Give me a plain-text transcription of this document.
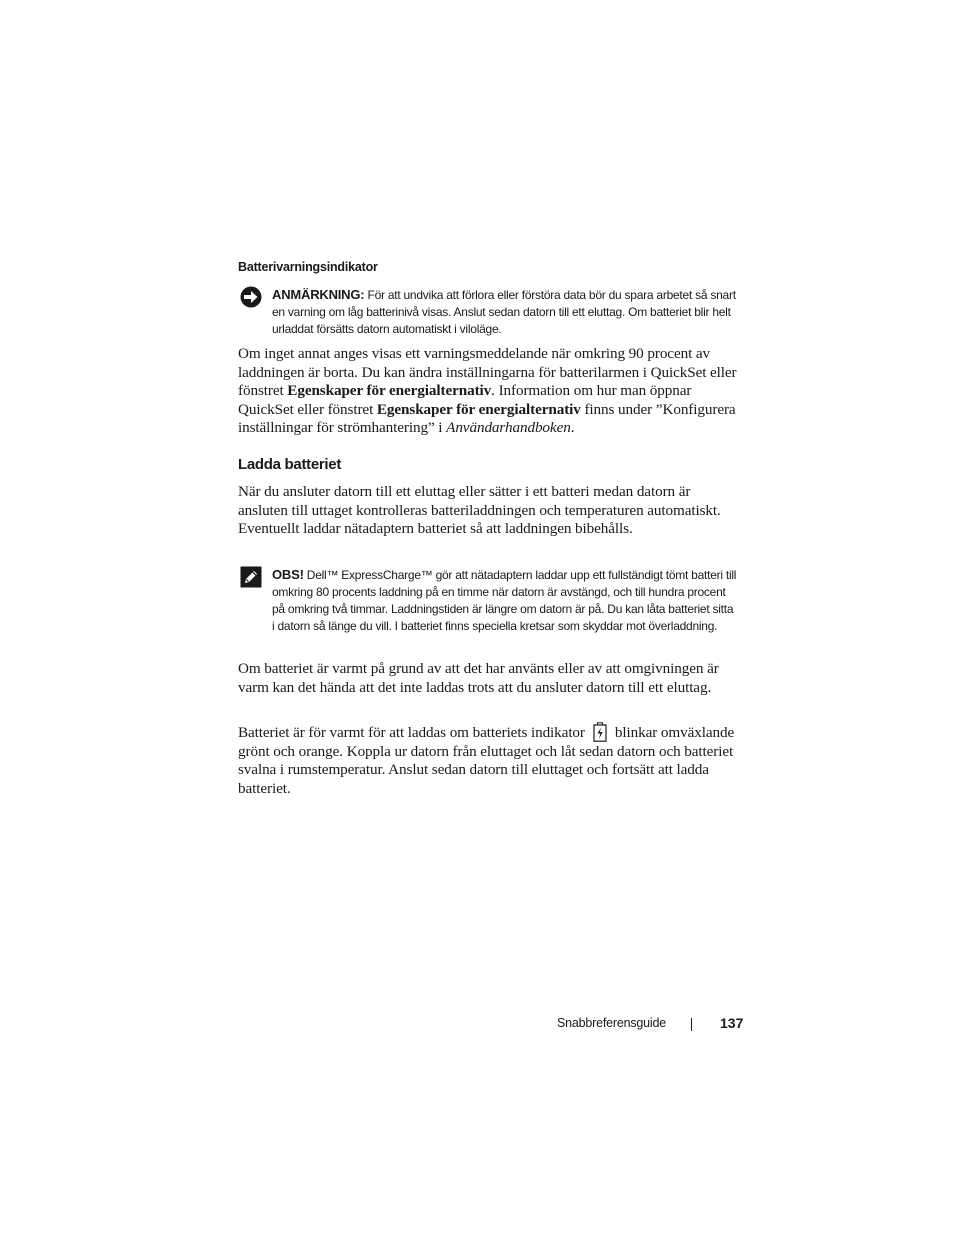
Batterivarningsindikator
ANMÄRKNING: För att undvika att förlora eller förstöra data bör du spara arbetet så snart en varning om låg batterinivå visas. Anslut sedan datorn till ett eluttag. Om batteriet blir helt urladdat försätts datorn automatiskt i viloläge.
Om inget annat anges visas ett varningsmeddelande när omkring 90 procent av laddningen är borta. Du kan ändra inställningarna för batterilarmen i QuickSet eller fönstret Egenskaper för energialternativ. Information om hur man öppnar QuickSet eller fönstret Egenskaper för energialternativ finns under ”Konfigurera inställningar för strömhantering” i Användarhandboken.
Ladda batteriet
När du ansluter datorn till ett eluttag eller sätter i ett batteri medan datorn är ansluten till uttaget kontrolleras batteriladdningen och temperaturen automatiskt. Eventuellt laddar nätadaptern batteriet så att laddningen bibehålls.
OBS! Dell™ ExpressCharge™ gör att nätadaptern laddar upp ett fullständigt tömt batteri till omkring 80 procents laddning på en timme när datorn är avstängd, och till hundra procent på omkring två timmar. Laddningstiden är längre om datorn är på. Du kan låta batteriet sitta i datorn så länge du vill. I batteriet finns speciella kretsar som skyddar mot överladdning.
Om batteriet är varmt på grund av att det har använts eller av att omgivningen är varm kan det hända att det inte laddas trots att du ansluter datorn till ett eluttag.
Batteriet är för varmt för att laddas om batteriets indikator blinkar omväxlande grönt och orange. Koppla ur datorn från eluttaget och låt sedan datorn och batteriet svalna i rumstemperatur. Anslut sedan datorn till eluttaget och fortsätt att ladda batteriet.
Snabbreferensguide	137
